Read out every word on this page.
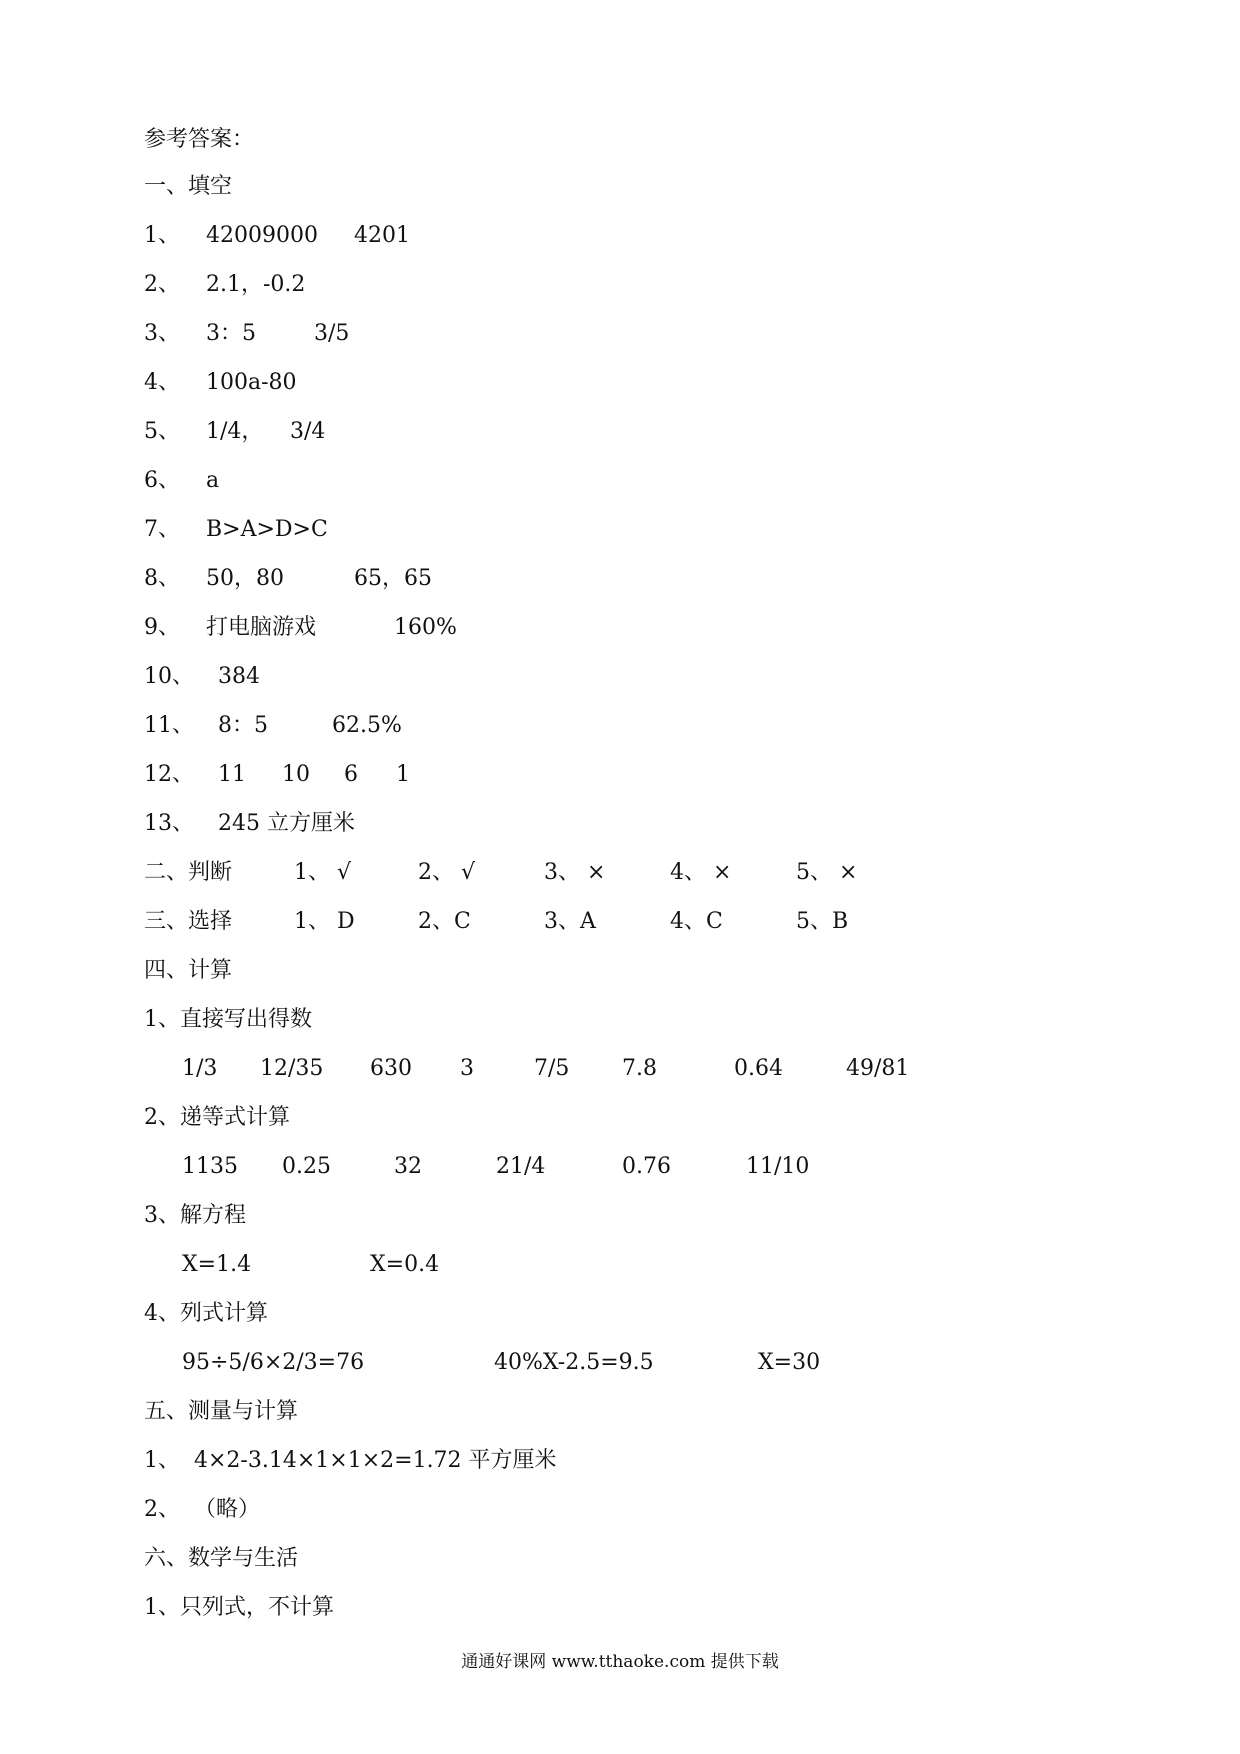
参考答案：
一、填空
1、 42009000 4201
2、 2.1，-0.2
3、 3：5	3/5
4、 100a-80
5、 1/4， 3/4
6、 a
7、 B>A>D>C
8、 50，80	65，65
9、 打电脑游戏	160%
10、 384
11、 8：5	62.5%
12、 11 10 6 1
13、 245 立方厘米
二、判断	1、 √	2、 √	3、 ×	4、 ×	5、 ×
三、选择	1、 D	2、C	3、A	4、C	5、B
四、计算
1、直接写出得数
1/3 12/35 630 3	7/5 7.8	0.64	49/81
2、递等式计算
1135 0.25	32	21/4	0.76	11/10
3、解方程
X=1.4	X=0.4
4、列式计算
95÷5/6×2/3=76	40%X-2.5=9.5	X=30
五、测量与计算
1、 4×2-3.14×1×1×2=1.72 平方厘米
2、 （略）
六、数学与生活
1、只列式，不计算
通通好课网 www.tthaoke.com 提供下载
